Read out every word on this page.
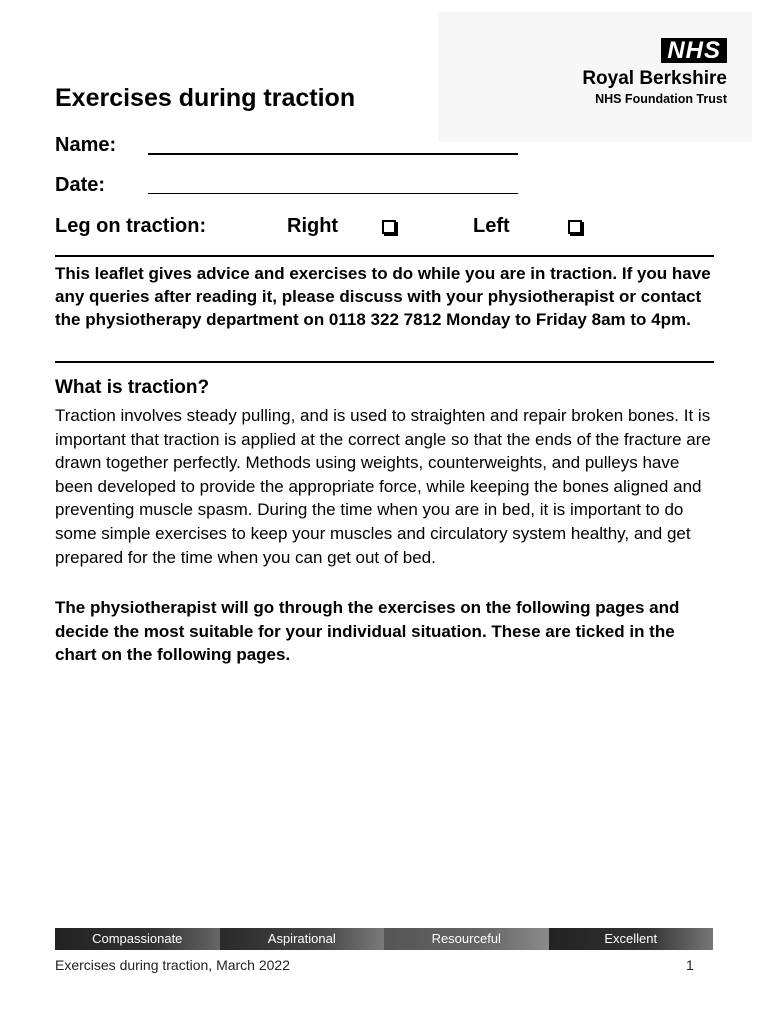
NHS
Royal Berkshire
NHS Foundation Trust
Exercises during traction
Name:
Date:
Leg on traction:	Right	Left

This leaflet gives advice and exercises to do while you are in traction. If you have any queries after reading it, please discuss with your physiotherapist or contact the physiotherapy department on 0118 322 7812 Monday to Friday 8am to 4pm.

What is traction?

Traction involves steady pulling, and is used to straighten and repair broken bones. It is important that traction is applied at the correct angle so that the ends of the fracture are drawn together perfectly. Methods using weights, counterweights, and pulleys have been developed to provide the appropriate force, while keeping the bones aligned and preventing muscle spasm. During the time when you are in bed, it is important to do some simple exercises to keep your muscles and circulatory system healthy, and get prepared for the time when you can get out of bed.

The physiotherapist will go through the exercises on the following pages and decide the most suitable for your individual situation. These are ticked in the chart on the following pages.

Compassionate	Aspirational	Resourceful	Excellent
Exercises during traction, March 2022	1
